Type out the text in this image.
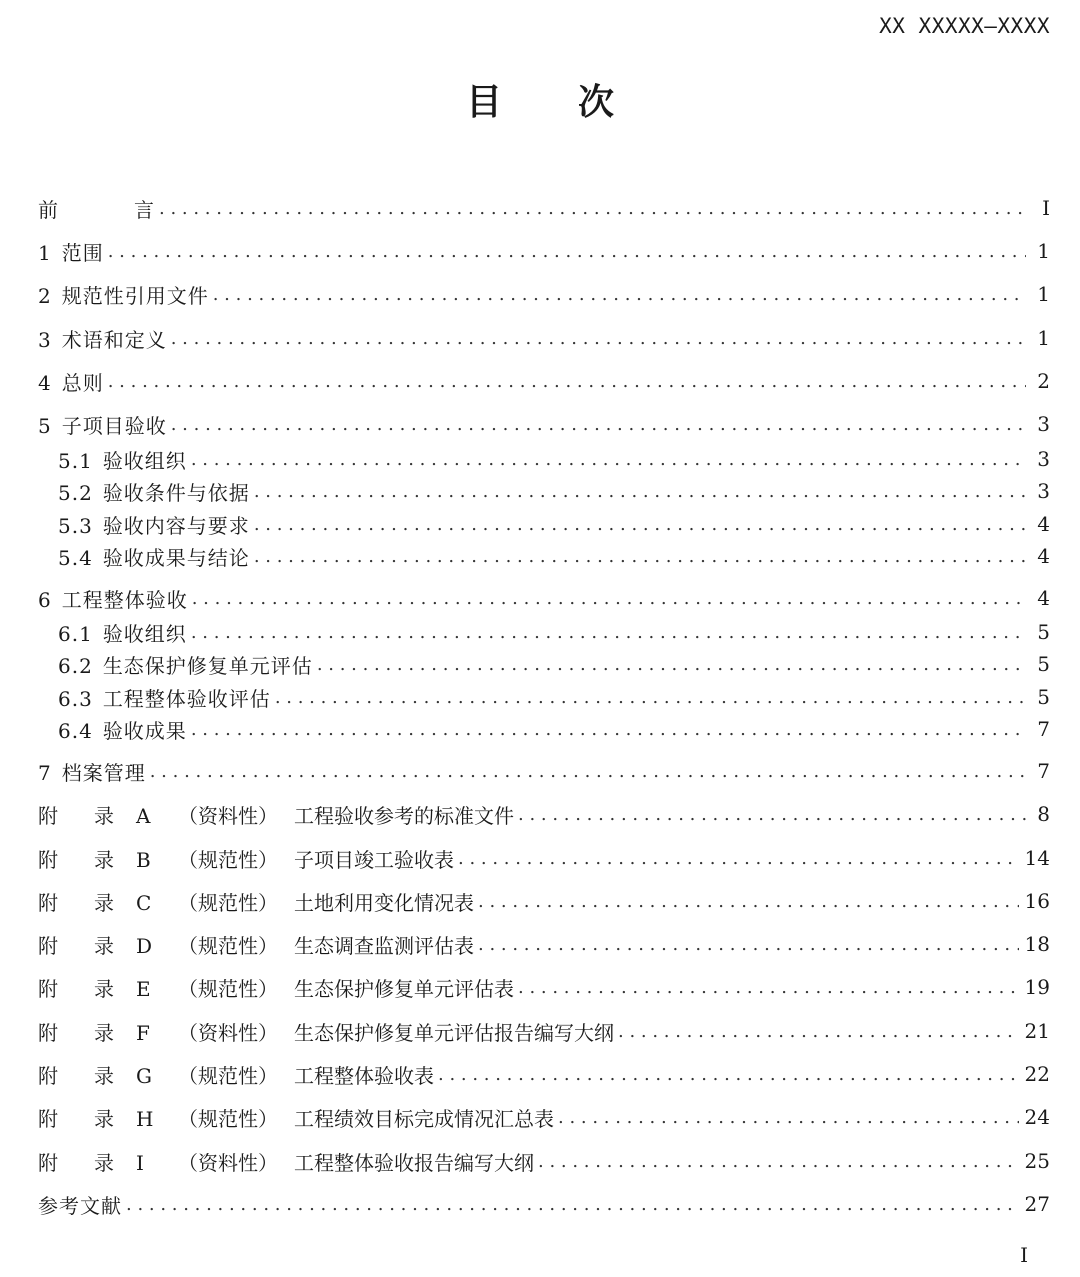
XX XXXXX—XXXX
目 次
前	言 . . .	I
1 范围 . . .	1
2 规范性引用文件 . . .	1
3 术语和定义 . . .	1
4 总则 . . .	2
5 子项目验收 . . .	3
5.1 验收组织 . . .	3
5.2 验收条件与依据 . . .	3
5.3 验收内容与要求 . . .	4
5.4 验收成果与结论 . . .	4
6 工程整体验收 . . .	4
6.1 验收组织 . . .	5
6.2 生态保护修复单元评估 . . .	5
6.3 工程整体验收评估 . . .	5
6.4 验收成果 . . .	7
7 档案管理 . . .	7
附 录 A （资料性） 工程验收参考的标准文件 . . .	8
附 录 B （规范性） 子项目竣工验收表 . . .	14
附 录 C （规范性） 土地利用变化情况表 . . .	16
附 录 D （规范性） 生态调查监测评估表 . . .	18
附 录 E （规范性） 生态保护修复单元评估表 . . .	19
附 录 F （资料性） 生态保护修复单元评估报告编写大纲 . . .	21
附 录 G （规范性） 工程整体验收表 . . .	22
附 录 H （规范性） 工程绩效目标完成情况汇总表 . . .	24
附 录 I （资料性） 工程整体验收报告编写大纲 . . .	25
参考文献 . . .	27
I
